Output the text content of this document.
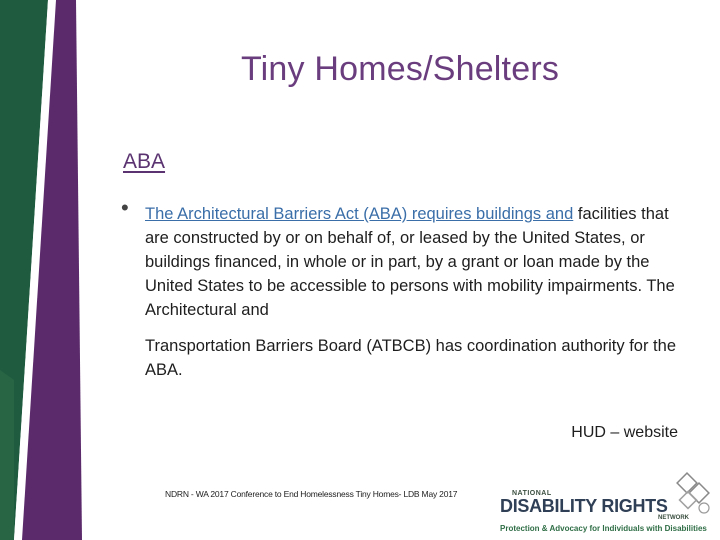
Tiny Homes/Shelters
ABA
• The Architectural Barriers Act (ABA) requires buildings and facilities that are constructed by or on behalf of, or leased by the United States, or buildings financed, in whole or in part, by a grant or loan made by the United States to be accessible to persons with mobility impairments. The Architectural and
Transportation Barriers Board (ATBCB) has coordination authority for the ABA.
HUD – website
NDRN - WA 2017 Conference to End Homelessness Tiny Homes- LDB May 2017	NATIONAL
DISABILITY RIGHTS
NETWORK
Protection & Advocacy for Individuals with Disabilities
